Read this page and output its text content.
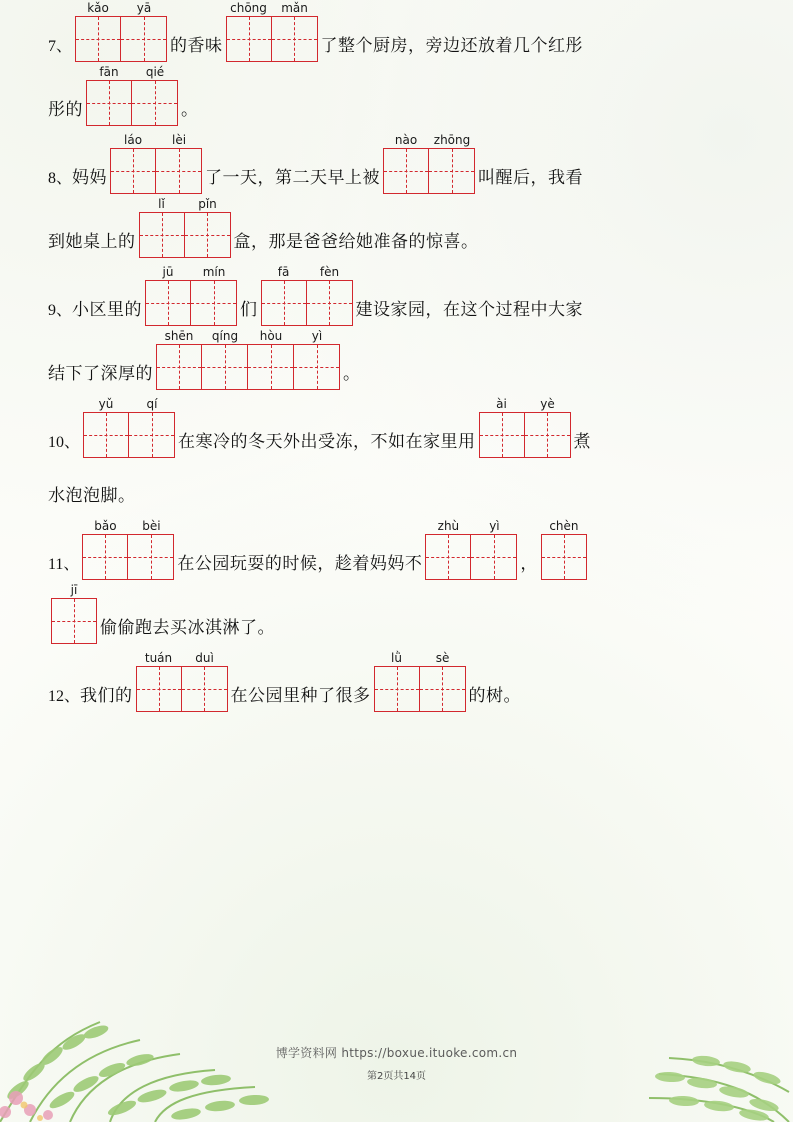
7、
kǎo	yā
的香味
chōng	mǎn
了整个厨房，旁边还放着几个红彤
彤的
fān	qié
。
8、 妈妈
láo	lèi
了一天，第二天早上被
nào	zhōng
叫醒后，我看
到她桌上的
lǐ	pǐn
盒，那是爸爸给她准备的惊喜。
9、 小区里的
jū	mín
们
fā	fèn
建设家园，在这个过程中大家
结下了深厚的
shēn	qíng	hòu	yì
。
10、
yǔ	qí
在寒冷的冬天外出受冻，不如在家里用
ài	yè
煮
水泡泡脚。
11、
bǎo	bèi
在公园玩耍的时候，趁着妈妈不
zhù	yì
，
chèn
jī
偷偷跑去买冰淇淋了。
12、 我们的
tuán	duì
在公园里种了很多
lǜ	sè
的树。
博学资料网 https://boxue.ituoke.com.cn
第2页共14页
